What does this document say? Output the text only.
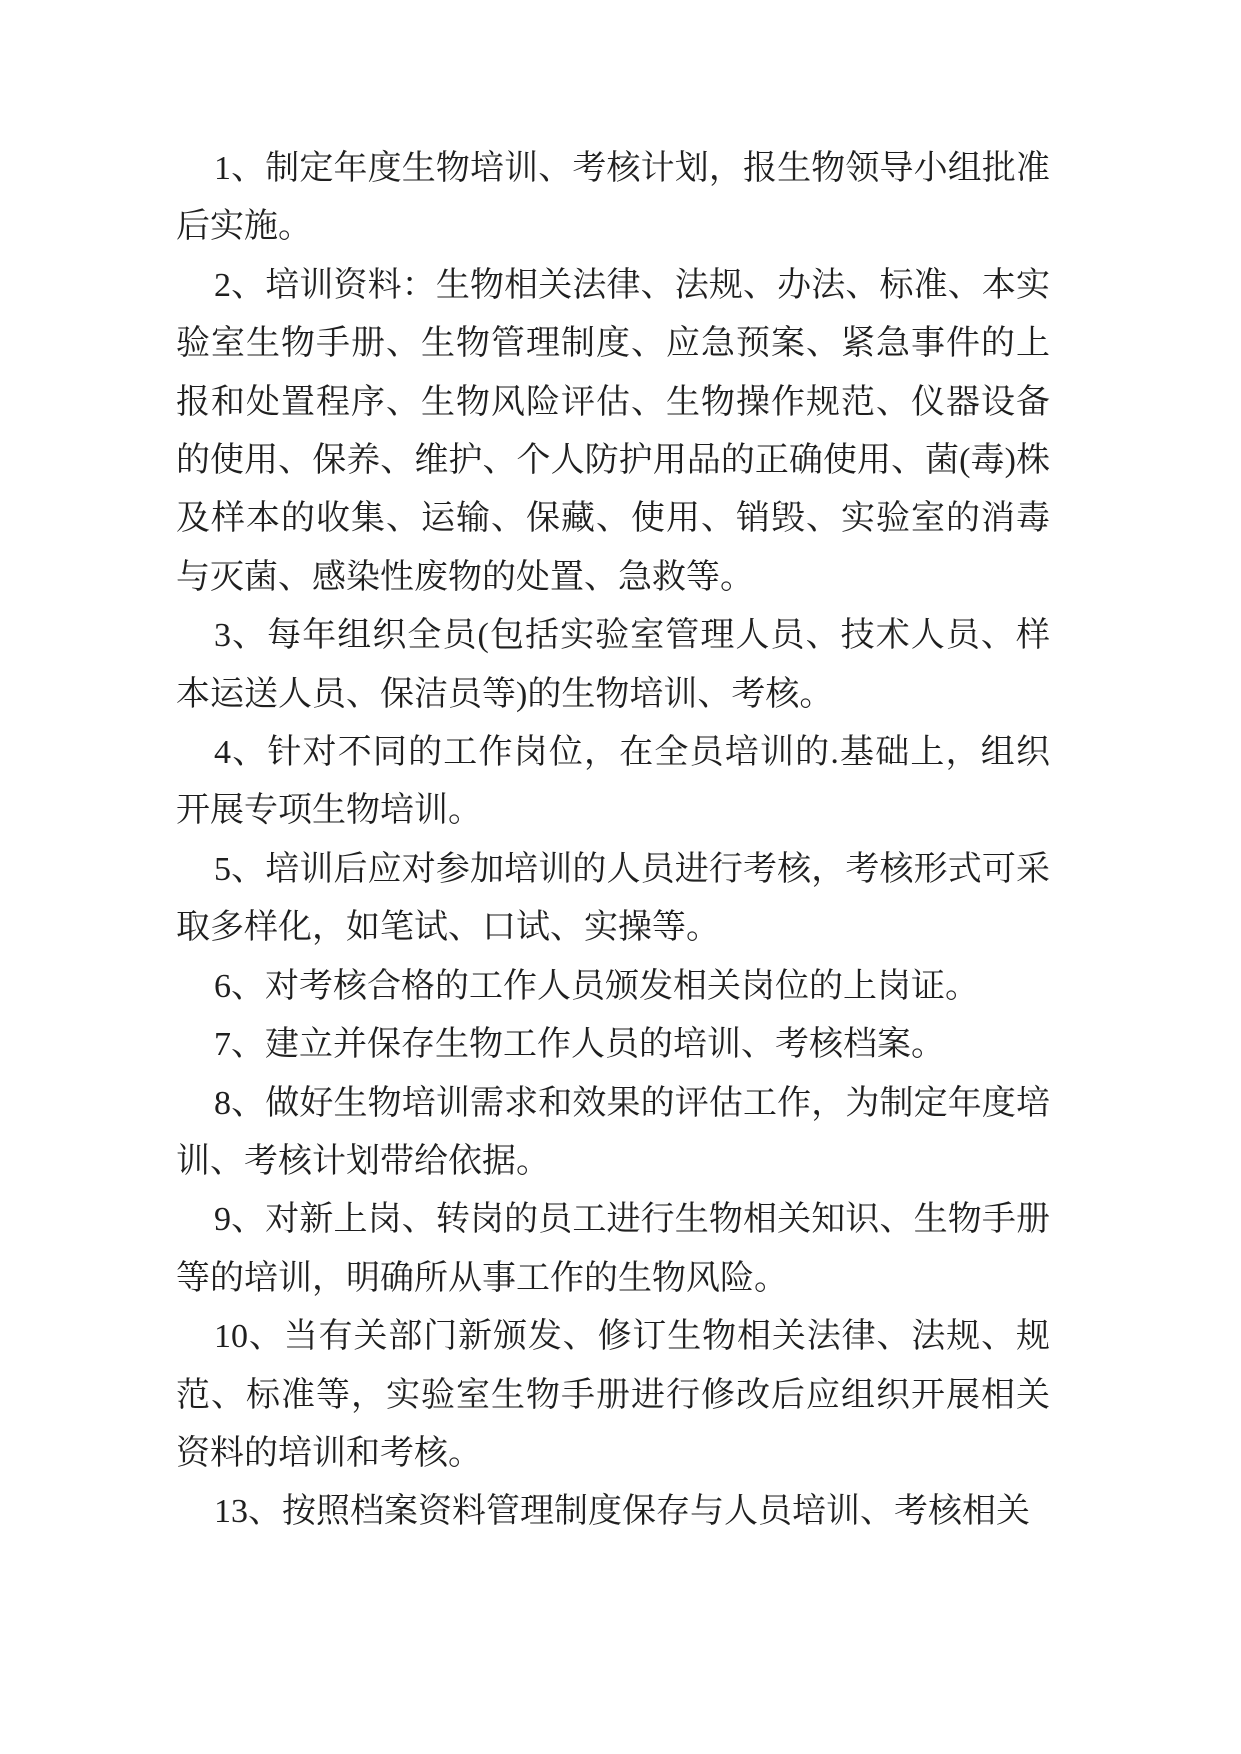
1、制定年度生物培训、考核计划，报生物领导小组批准后实施。

2、培训资料：生物相关法律、法规、办法、标准、本实验室生物手册、生物管理制度、应急预案、紧急事件的上报和处置程序、生物风险评估、生物操作规范、仪器设备的使用、保养、维护、个人防护用品的正确使用、菌(毒)株及样本的收集、运输、保藏、使用、销毁、实验室的消毒与灭菌、感染性废物的处置、急救等。

3、每年组织全员(包括实验室管理人员、技术人员、样本运送人员、保洁员等)的生物培训、考核。

4、针对不同的工作岗位，在全员培训的.基础上，组织开展专项生物培训。

5、培训后应对参加培训的人员进行考核，考核形式可采取多样化，如笔试、口试、实操等。

6、对考核合格的工作人员颁发相关岗位的上岗证。

7、建立并保存生物工作人员的培训、考核档案。

8、做好生物培训需求和效果的评估工作，为制定年度培训、考核计划带给依据。

9、对新上岗、转岗的员工进行生物相关知识、生物手册等的培训，明确所从事工作的生物风险。

10、当有关部门新颁发、修订生物相关法律、法规、规范、标准等，实验室生物手册进行修改后应组织开展相关资料的培训和考核。

13、按照档案资料管理制度保存与人员培训、考核相关
